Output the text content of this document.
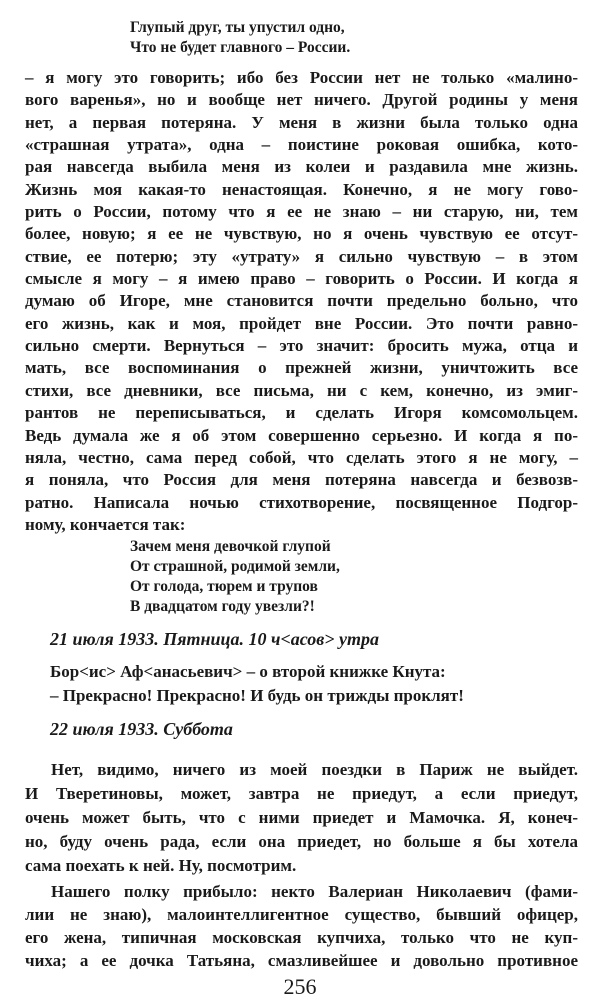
Глупый друг, ты упустил одно,
Что не будет главного – России.
– я могу это говорить; ибо без России нет не только «малино-
вого варенья», но и вообще нет ничего. Другой родины у меня
нет, а первая потеряна. У меня в жизни была только одна
«страшная утрата», одна – поистине роковая ошибка, кото-
рая навсегда выбила меня из колеи и раздавила мне жизнь.
Жизнь моя какая-то ненастоящая. Конечно, я не могу гово-
рить о России, потому что я ее не знаю – ни старую, ни, тем
более, новую; я ее не чувствую, но я очень чувствую ее отсут-
ствие, ее потерю; эту «утрату» я сильно чувствую – в этом
смысле я могу – я имею право – говорить о России. И когда я
думаю об Игоре, мне становится почти предельно больно, что
его жизнь, как и моя, пройдет вне России. Это почти равно-
сильно смерти. Вернуться – это значит: бросить мужа, отца и
мать, все воспоминания о прежней жизни, уничтожить все
стихи, все дневники, все письма, ни с кем, конечно, из эмиг-
рантов не переписываться, и сделать Игоря комсомольцем.
Ведь думала же я об этом совершенно серьезно. И когда я по-
няла, честно, сама перед собой, что сделать этого я не могу, –
я поняла, что Россия для меня потеряна навсегда и безвозв-
ратно. Написала ночью стихотворение, посвященное Подгор-
ному, кончается так:
Зачем меня девочкой глупой
От страшной, родимой земли,
От голода, тюрем и трупов
В двадцатом году увезли?!
21 июля 1933. Пятница. 10 ч<асов> утра
Бор<ис> Аф<анасьевич> – о второй книжке Кнута:
– Прекрасно! Прекрасно! И будь он трижды проклят!
22 июля 1933. Суббота
Нет, видимо, ничего из моей поездки в Париж не выйдет.
И Тверетиновы, может, завтра не приедут, а если приедут,
очень может быть, что с ними приедет и Мамочка. Я, конеч-
но, буду очень рада, если она приедет, но больше я бы хотела
сама поехать к ней. Ну, посмотрим.
Нашего полку прибыло: некто Валериан Николаевич (фами-
лии не знаю), малоинтеллигентное существо, бывший офицер,
его жена, типичная московская купчиха, только что не куп-
чиха; а ее дочка Татьяна, смазливейшее и довольно противное
256
